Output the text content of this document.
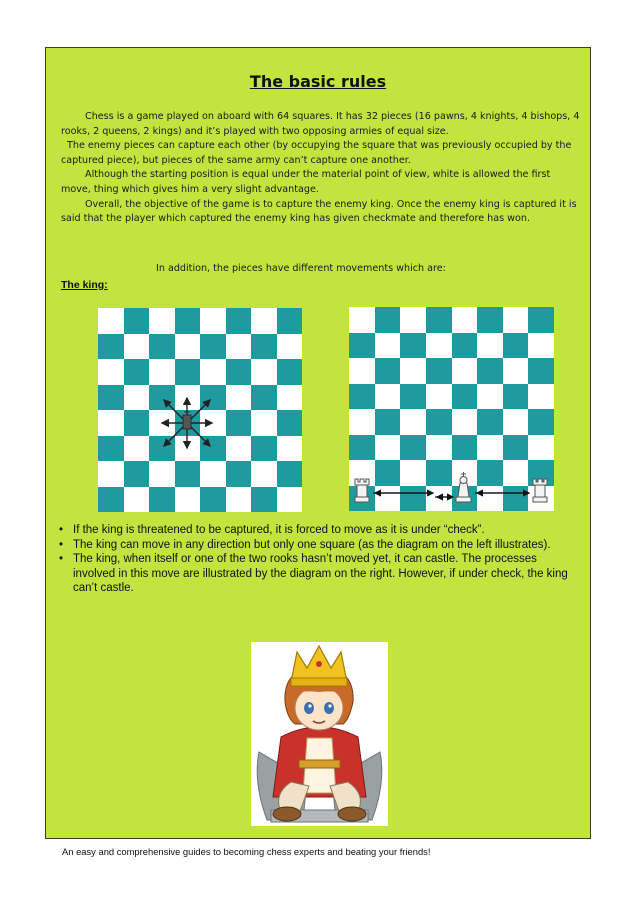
The basic rules

Chess is a game played on aboard with 64 squares. It has 32 pieces (16 pawns, 4 knights, 4 bishops, 4 rooks, 2 queens, 2 kings) and it’s played with two opposing armies of equal size.

The enemy pieces can capture each other (by occupying the square that was previously occupied by the captured piece), but pieces of the same army can’t capture one another.

Although the starting position is equal under the material point of view, white is allowed the first move, thing which gives him a very slight advantage.

Overall, the objective of the game is to capture the enemy king. Once the enemy king is captured it is said that the player which captured the enemy king has given checkmate and therefore has won.

In addition, the pieces have different movements which are:
The king:
• If the king is threatened to be captured, it is forced to move as it is under “check”.
• The king can move in any direction but only one square (as the diagram on the left illustrates).
• The king, when itself or one of the two rooks hasn’t moved yet, it can castle. The processes involved in this move are illustrated by the diagram on the right. However, if under check, the king can’t castle.
An easy and comprehensive guides to becoming chess experts and beating your friends!
